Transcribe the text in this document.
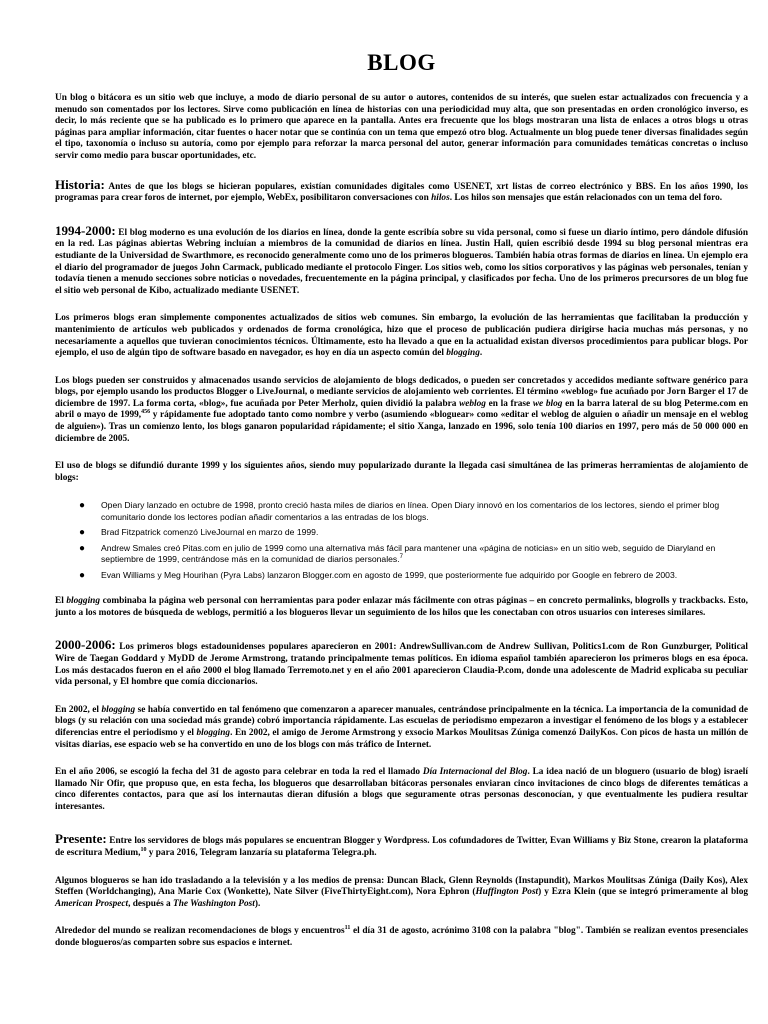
BLOG

Un blog o bitácora es un sitio web que incluye, a modo de diario personal de su autor o autores, contenidos de su interés, que suelen estar actualizados con frecuencia y a menudo son comentados por los lectores. Sirve como publicación en línea de historias con una periodicidad muy alta, que son presentadas en orden cronológico inverso, es decir, lo más reciente que se ha publicado es lo primero que aparece en la pantalla. Antes era frecuente que los blogs mostraran una lista de enlaces a otros blogs u otras páginas para ampliar información, citar fuentes o hacer notar que se continúa con un tema que empezó otro blog. Actualmente un blog puede tener diversas finalidades según el tipo, taxonomía o incluso su autoría, como por ejemplo para reforzar la marca personal del autor, generar información para comunidades temáticas concretas o incluso servir como medio para buscar oportunidades, etc.

Historia: Antes de que los blogs se hicieran populares, existían comunidades digitales como USENET, xrt listas de correo electrónico y BBS. En los años 1990, los programas para crear foros de internet, por ejemplo, WebEx, posibilitaron conversaciones con hilos. Los hilos son mensajes que están relacionados con un tema del foro.

1994-2000: El blog moderno es una evolución de los diarios en línea, donde la gente escribía sobre su vida personal, como si fuese un diario íntimo, pero dándole difusión en la red. Las páginas abiertas Webring incluían a miembros de la comunidad de diarios en línea. Justin Hall, quien escribió desde 1994 su blog personal mientras era estudiante de la Universidad de Swarthmore, es reconocido generalmente como uno de los primeros blogueros. También había otras formas de diarios en línea. Un ejemplo era el diario del programador de juegos John Carmack, publicado mediante el protocolo Finger. Los sitios web, como los sitios corporativos y las páginas web personales, tenían y todavía tienen a menudo secciones sobre noticias o novedades, frecuentemente en la página principal, y clasificados por fecha. Uno de los primeros precursores de un blog fue el sitio web personal de Kibo, actualizado mediante USENET.

Los primeros blogs eran simplemente componentes actualizados de sitios web comunes. Sin embargo, la evolución de las herramientas que facilitaban la producción y mantenimiento de artículos web publicados y ordenados de forma cronológica, hizo que el proceso de publicación pudiera dirigirse hacia muchas más personas, y no necesariamente a aquellos que tuvieran conocimientos técnicos. Últimamente, esto ha llevado a que en la actualidad existan diversos procedimientos para publicar blogs. Por ejemplo, el uso de algún tipo de software basado en navegador, es hoy en día un aspecto común del blogging.

Los blogs pueden ser construidos y almacenados usando servicios de alojamiento de blogs dedicados, o pueden ser concretados y accedidos mediante software genérico para blogs, por ejemplo usando los productos Blogger o LiveJournal, o mediante servicios de alojamiento web corrientes. El término «weblog» fue acuñado por Jorn Barger el 17 de diciembre de 1997. La forma corta, «blog», fue acuñada por Peter Merholz, quien dividió la palabra weblog en la frase we blog en la barra lateral de su blog Peterme.com en abril o mayo de 1999,$^{456}$ y rápidamente fue adoptado tanto como nombre y verbo (asumiendo «bloguear» como «editar el weblog de alguien o añadir un mensaje en el weblog de alguien»). Tras un comienzo lento, los blogs ganaron popularidad rápidamente; el sitio Xanga, lanzado en 1996, solo tenía 100 diarios en 1997, pero más de 50 000 000 en diciembre de 2005.

El uso de blogs se difundió durante 1999 y los siguientes años, siendo muy popularizado durante la llegada casi simultánea de las primeras herramientas de alojamiento de blogs:

● Open Diary lanzado en octubre de 1998, pronto creció hasta miles de diarios en línea. Open Diary innovó en los comentarios de los lectores, siendo el primer blog comunitario donde los lectores podían añadir comentarios a las entradas de los blogs.
● Brad Fitzpatrick comenzó LiveJournal en marzo de 1999.
● Andrew Smales creó Pitas.com en julio de 1999 como una alternativa más fácil para mantener una «página de noticias» en un sitio web, seguido de Diaryland en septiembre de 1999, centrándose más en la comunidad de diarios personales.$^7$
● Evan Williams y Meg Hourihan (Pyra Labs) lanzaron Blogger.com en agosto de 1999, que posteriormente fue adquirido por Google en febrero de 2003.

El blogging combinaba la página web personal con herramientas para poder enlazar más fácilmente con otras páginas – en concreto permalinks, blogrolls y trackbacks. Esto, junto a los motores de búsqueda de weblogs, permitió a los blogueros llevar un seguimiento de los hilos que les conectaban con otros usuarios con intereses similares.

2000-2006: Los primeros blogs estadounidenses populares aparecieron en 2001: AndrewSullivan.com de Andrew Sullivan, Politics1.com de Ron Gunzburger, Political Wire de Taegan Goddard y MyDD de Jerome Armstrong, tratando principalmente temas políticos. En idioma español también aparecieron los primeros blogs en esa época. Los más destacados fueron en el año 2000 el blog llamado Terremoto.net y en el año 2001 aparecieron Claudia-P.com, donde una adolescente de Madrid explicaba su peculiar vida personal, y El hombre que comía diccionarios.

En 2002, el blogging se había convertido en tal fenómeno que comenzaron a aparecer manuales, centrándose principalmente en la técnica. La importancia de la comunidad de blogs (y su relación con una sociedad más grande) cobró importancia rápidamente. Las escuelas de periodismo empezaron a investigar el fenómeno de los blogs y a establecer diferencias entre el periodismo y el blogging. En 2002, el amigo de Jerome Armstrong y exsocio Markos Moulitsas Zúniga comenzó DailyKos. Con picos de hasta un millón de visitas diarias, ese espacio web se ha convertido en uno de los blogs con más tráfico de Internet.

En el año 2006, se escogió la fecha del 31 de agosto para celebrar en toda la red el llamado Día Internacional del Blog. La idea nació de un bloguero (usuario de blog) israelí llamado Nir Ofir, que propuso que, en esta fecha, los blogueros que desarrollaban bitácoras personales enviaran cinco invitaciones de cinco blogs de diferentes temáticas a cinco diferentes contactos, para que así los internautas dieran difusión a blogs que seguramente otras personas desconocían, y que eventualmente les pudiera resultar interesantes.

Presente: Entre los servidores de blogs más populares se encuentran Blogger y Wordpress. Los cofundadores de Twitter, Evan Williams y Biz Stone, crearon la plataforma de escritura Medium,$^{10}$ y para 2016, Telegram lanzaría su plataforma Telegra.ph.

Algunos blogueros se han ido trasladando a la televisión y a los medios de prensa: Duncan Black, Glenn Reynolds (Instapundit), Markos Moulitsas Zúniga (Daily Kos), Alex Steffen (Worldchanging), Ana Marie Cox (Wonkette), Nate Silver (FiveThirtyEight.com), Nora Ephron (Huffington Post) y Ezra Klein (que se integró primeramente al blog American Prospect, después a The Washington Post).

Alrededor del mundo se realizan recomendaciones de blogs y encuentros$^{11}$ el día 31 de agosto, acrónimo 3108 con la palabra "blog". También se realizan eventos presenciales donde blogueros/as comparten sobre sus espacios e internet.
